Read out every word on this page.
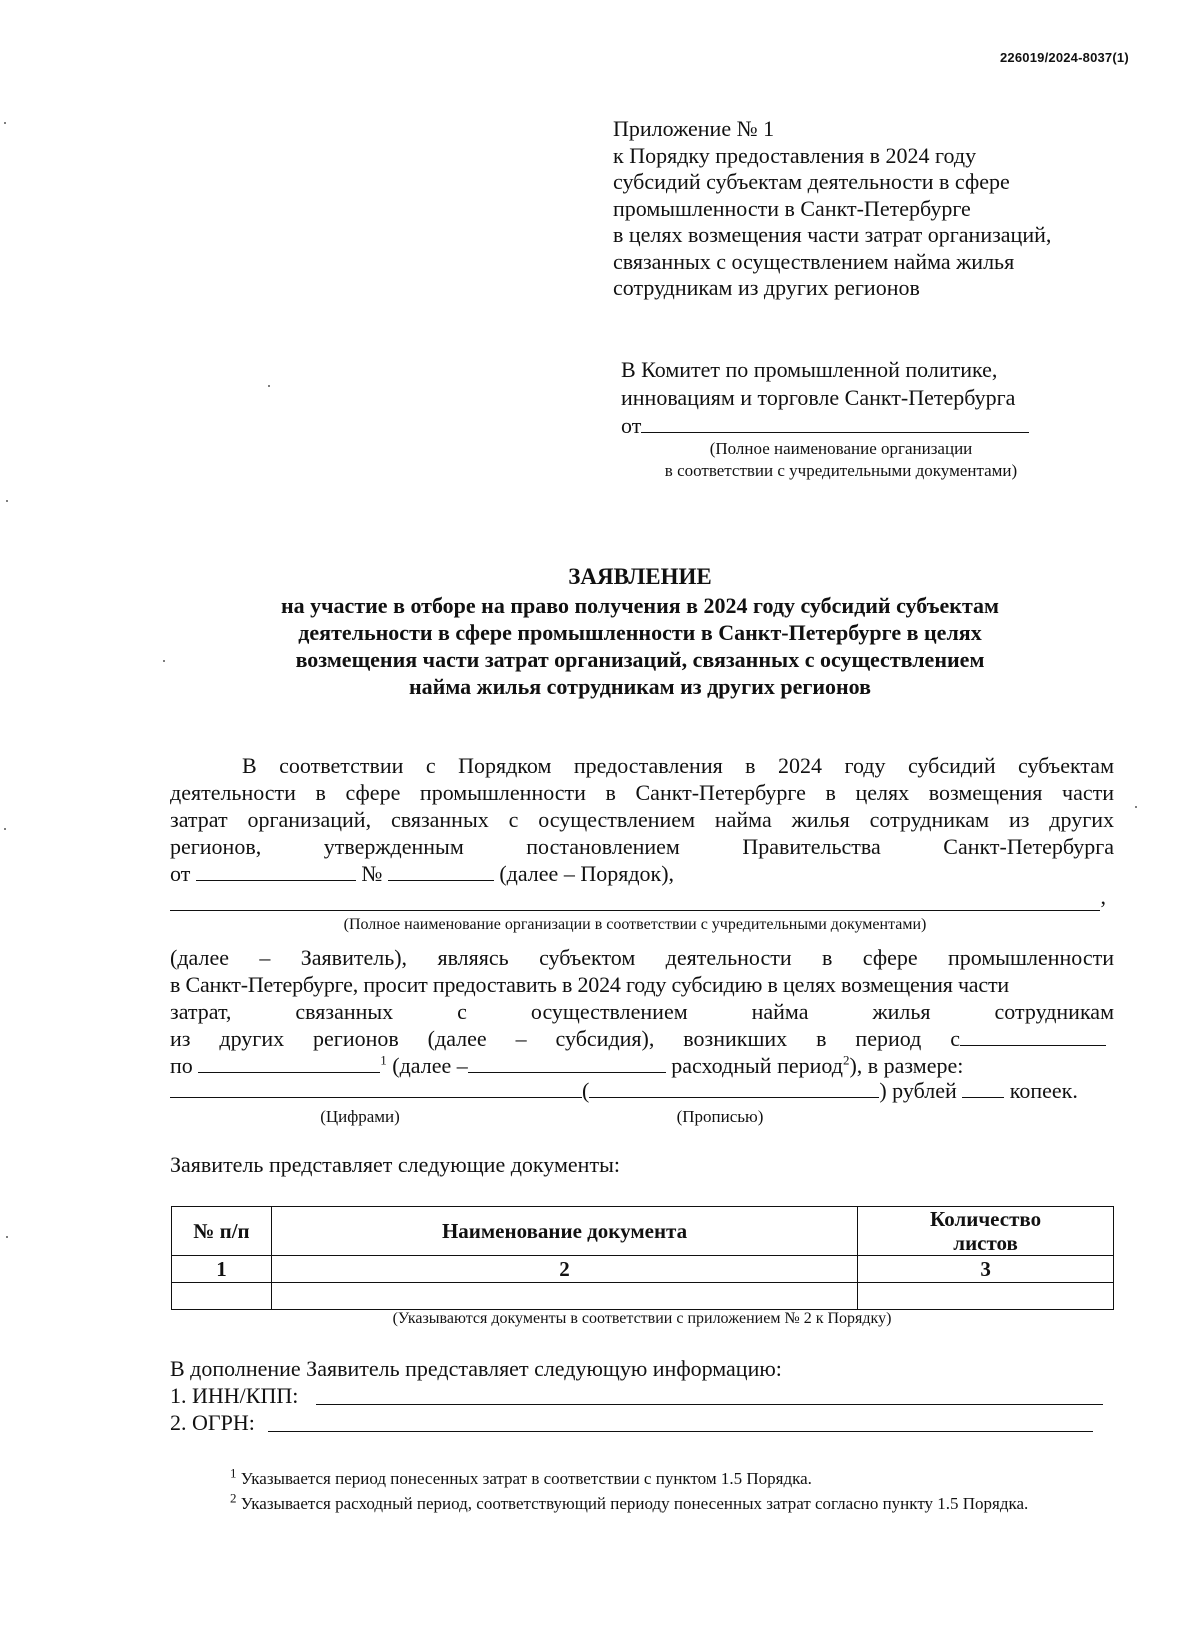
226019/2024-8037(1)
Приложение № 1
к Порядку предоставления в 2024 году
субсидий субъектам деятельности в сфере
промышленности в Санкт-Петербурге
в целях возмещения части затрат организаций,
связанных с осуществлением найма жилья
сотрудникам из других регионов
В Комитет по промышленной политике,
инновациям и торговле Санкт-Петербурга
от
(Полное наименование организации
в соответствии с учредительными документами)
ЗАЯВЛЕНИЕ
на участие в отборе на право получения в 2024 году субсидий субъектам
деятельности в сфере промышленности в Санкт-Петербурге в целях
возмещения части затрат организаций, связанных с осуществлением
найма жилья сотрудникам из других регионов
В соответствии с Порядком предоставления в 2024 году субсидий субъектам
деятельности в сфере промышленности в Санкт-Петербурге в целях возмещения части
затрат организаций, связанных с осуществлением найма жилья сотрудникам из других
регионов, утвержденным постановлением Правительства Санкт-Петербурга
от	№	(далее – Порядок),
,
(Полное наименование организации в соответствии с учредительными документами)
(далее – Заявитель), являясь субъектом деятельности в сфере промышленности
в Санкт-Петербурге, просит предоставить в 2024 году субсидию в целях возмещения части
затрат, связанных с осуществлением найма жилья сотрудникам
из других регионов (далее – субсидия), возникших в период с
по	$^1$ (далее –	расходный период$^2$), в размере:
(	) рублей копеек.
(Цифрами)	(Прописью)
Заявитель представляет следующие документы:
№ п/п	Наименование документа	Количество листов

1	2	3

(Указываются документы в соответствии с приложением № 2 к Порядку)
В дополнение Заявитель представляет следующую информацию:
1. ИНН/КПП:
2. ОГРН:
$^1$ Указывается период понесенных затрат в соответствии с пунктом 1.5 Порядка.
$^2$ Указывается расходный период, соответствующий периоду понесенных затрат согласно пункту 1.5 Порядка.
